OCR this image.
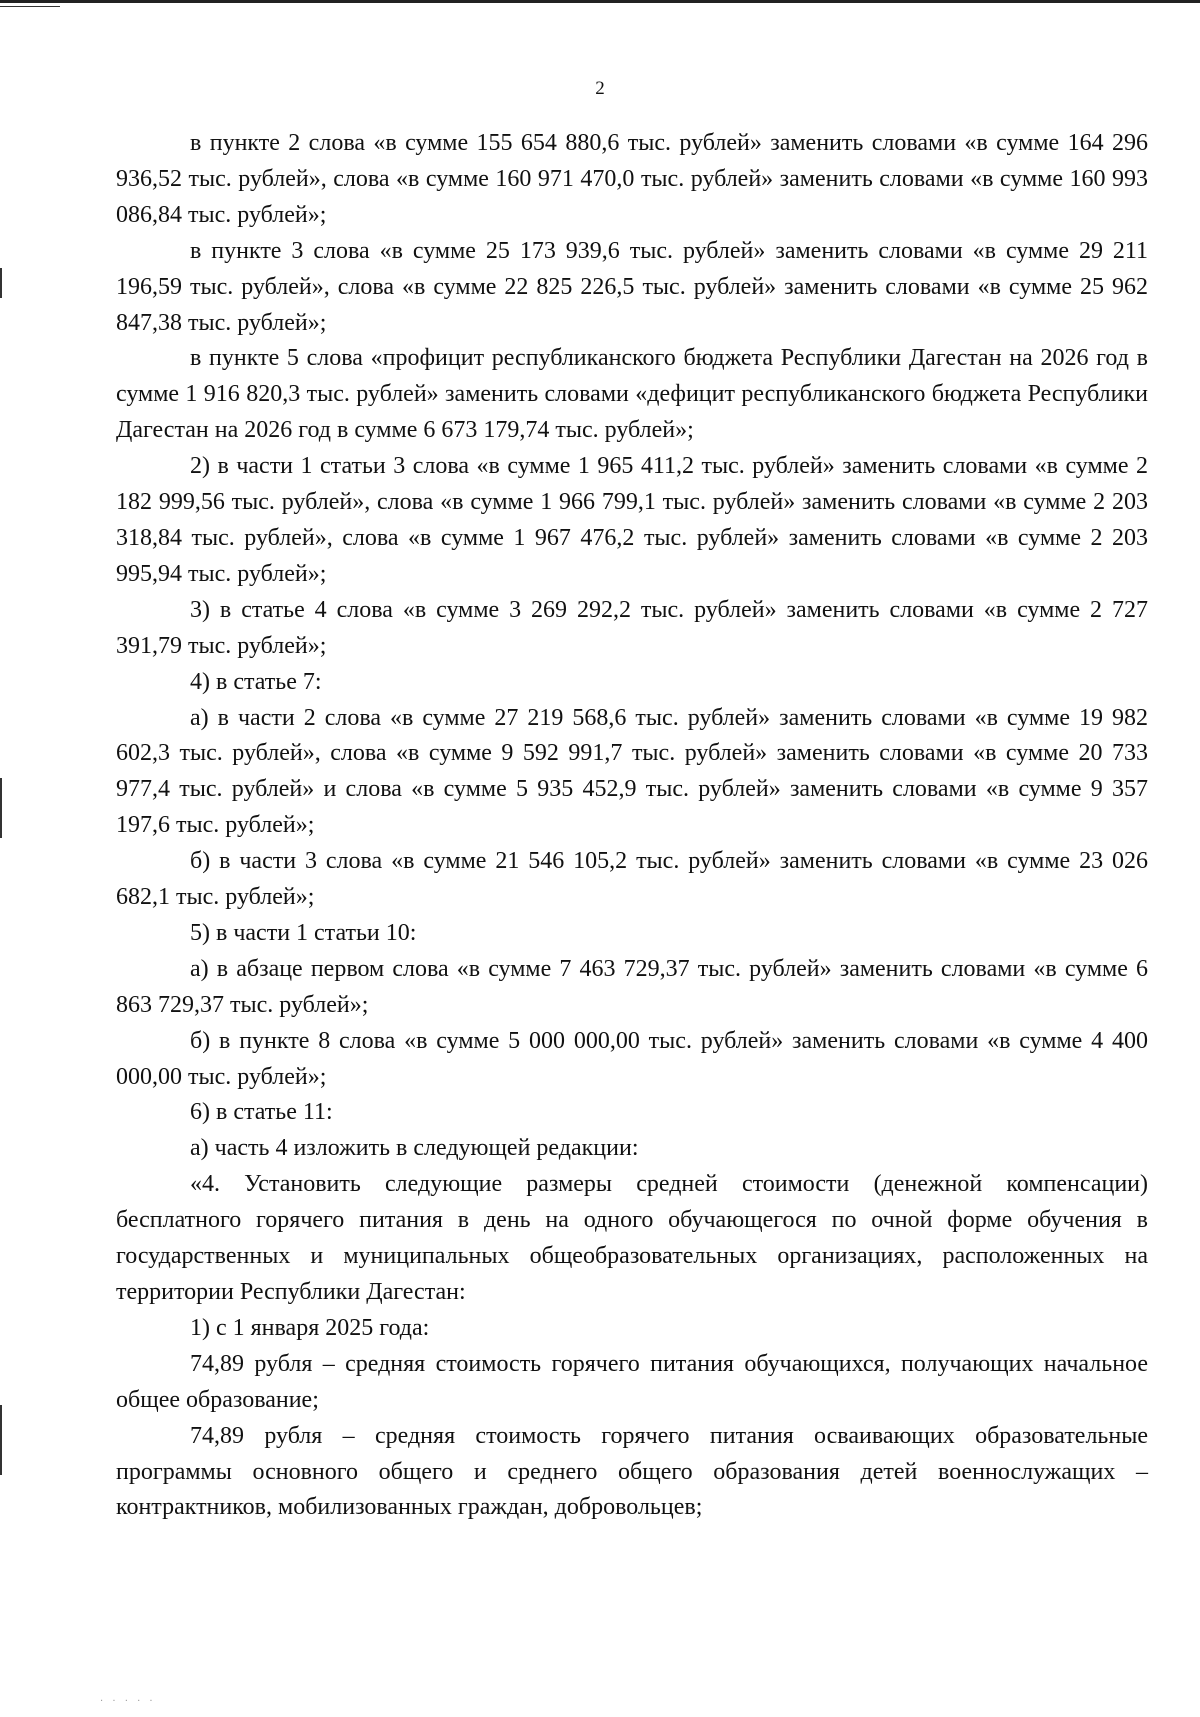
2

в пункте 2 слова «в сумме 155 654 880,6 тыс. рублей» заменить словами «в сумме 164 296 936,52 тыс. рублей», слова «в сумме 160 971 470,0 тыс. рублей» заменить словами «в сумме 160 993 086,84 тыс. рублей»;

в пункте 3 слова «в сумме 25 173 939,6 тыс. рублей» заменить словами «в сумме 29 211 196,59 тыс. рублей», слова «в сумме 22 825 226,5 тыс. рублей» заменить словами «в сумме 25 962 847,38 тыс. рублей»;

в пункте 5 слова «профицит республиканского бюджета Республики Дагестан на 2026 год в сумме 1 916 820,3 тыс. рублей» заменить словами «дефицит республиканского бюджета Республики Дагестан на 2026 год в сумме 6 673 179,74 тыс. рублей»;

2) в части 1 статьи 3 слова «в сумме 1 965 411,2 тыс. рублей» заменить словами «в сумме 2 182 999,56 тыс. рублей», слова «в сумме 1 966 799,1 тыс. рублей» заменить словами «в сумме 2 203 318,84 тыс. рублей», слова «в сумме 1 967 476,2 тыс. рублей» заменить словами «в сумме 2 203 995,94 тыс. рублей»;

3) в статье 4 слова «в сумме 3 269 292,2 тыс. рублей» заменить словами «в сумме 2 727 391,79 тыс. рублей»;

4) в статье 7:

а) в части 2 слова «в сумме 27 219 568,6 тыс. рублей» заменить словами «в сумме 19 982 602,3 тыс. рублей», слова «в сумме 9 592 991,7 тыс. рублей» заменить словами «в сумме 20 733 977,4 тыс. рублей» и слова «в сумме 5 935 452,9 тыс. рублей» заменить словами «в сумме 9 357 197,6 тыс. рублей»;

б) в части 3 слова «в сумме 21 546 105,2 тыс. рублей» заменить словами «в сумме 23 026 682,1 тыс. рублей»;

5) в части 1 статьи 10:

а) в абзаце первом слова «в сумме 7 463 729,37 тыс. рублей» заменить словами «в сумме 6 863 729,37 тыс. рублей»;

б) в пункте 8 слова «в сумме 5 000 000,00 тыс. рублей» заменить словами «в сумме 4 400 000,00 тыс. рублей»;

6) в статье 11:

а) часть 4 изложить в следующей редакции:

«4. Установить следующие размеры средней стоимости (денежной компенсации) бесплатного горячего питания в день на одного обучающегося по очной форме обучения в государственных и муниципальных общеобразовательных организациях, расположенных на территории Республики Дагестан:

1) с 1 января 2025 года:

74,89 рубля – средняя стоимость горячего питания обучающихся, получающих начальное общее образование;

74,89 рубля – средняя стоимость горячего питания осваивающих образовательные программы основного общего и среднего общего образования детей военнослужащих – контрактников, мобилизованных граждан, добровольцев;

· · · · ·
